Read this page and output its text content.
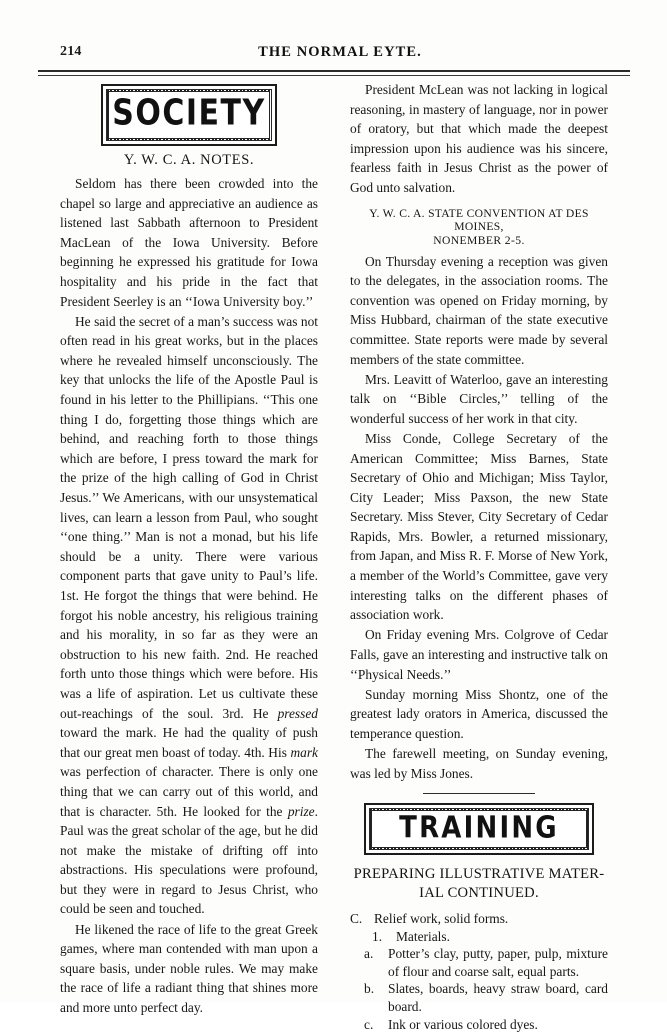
214	THE NORMAL EYTE.
SOCIETY
Y. W. C. A. NOTES.

Seldom has there been crowded into the chapel so large and appreciative an audience as listened last Sabbath afternoon to President MacLean of the Iowa University. Before beginning he expressed his gratitude for Iowa hospitality and his pride in the fact that President Seerley is an ‘‘Iowa University boy.’’

He said the secret of a man’s success was not often read in his great works, but in the places where he revealed himself unconsciously. The key that unlocks the life of the Apostle Paul is found in his letter to the Phillipians. ‘‘This one thing I do, forgetting those things which are behind, and reaching forth to those things which are before, I press toward the mark for the prize of the high calling of God in Christ Jesus.’’ We Americans, with our unsystematical lives, can learn a lesson from Paul, who sought ‘‘one thing.’’ Man is not a monad, but his life should be a unity. There were various component parts that gave unity to Paul’s life. 1st. He forgot the things that were behind. He forgot his noble ancestry, his religious training and his morality, in so far as they were an obstruction to his new faith. 2nd. He reached forth unto those things which were before. His was a life of aspiration. Let us cultivate these out-reachings of the soul. 3rd. He pressed toward the mark. He had the quality of push that our great men boast of today. 4th. His mark was perfection of character. There is only one thing that we can carry out of this world, and that is character. 5th. He looked for the prize. Paul was the great scholar of the age, but he did not make the mistake of drifting off into abstractions. His speculations were profound, but they were in regard to Jesus Christ, who could be seen and touched.

He likened the race of life to the great Greek games, where man contended with man upon a square basis, under noble rules. We may make the race of life a radiant thing that shines more and more unto perfect day.

President McLean was not lacking in logical reasoning, in mastery of language, nor in power of oratory, but that which made the deepest impression upon his audience was his sincere, fearless faith in Jesus Christ as the power of God unto salvation.

Y. W. C. A. STATE CONVENTION AT DES MOINES,
NONEMBER 2-5.

On Thursday evening a reception was given to the delegates, in the association rooms. The convention was opened on Friday morning, by Miss Hubbard, chairman of the state executive committee. State reports were made by several members of the state committee.

Mrs. Leavitt of Waterloo, gave an interesting talk on ‘‘Bible Circles,’’ telling of the wonderful success of her work in that city.

Miss Conde, College Secretary of the American Committee; Miss Barnes, State Secretary of Ohio and Michigan; Miss Taylor, City Leader; Miss Paxson, the new State Secretary. Miss Stever, City Secretary of Cedar Rapids, Mrs. Bowler, a returned missionary, from Japan, and Miss R. F. Morse of New York, a member of the World’s Committee, gave very interesting talks on the different phases of association work.

On Friday evening Mrs. Colgrove of Cedar Falls, gave an interesting and instructive talk on ‘‘Physical Needs.’’

Sunday morning Miss Shontz, one of the greatest lady orators in America, discussed the temperance question.

The farewell meeting, on Sunday evening, was led by Miss Jones.

TRAINING
PREPARING ILLUSTRATIVE MATER-
IAL CONTINUED.
C. Relief work, solid forms.
1.	Materials.
a.	Potter’s clay, putty, paper, pulp, mixture of flour and coarse salt, equal parts.
b.	Slates, boards, heavy straw board, card board.
c.	Ink or various colored dyes.
